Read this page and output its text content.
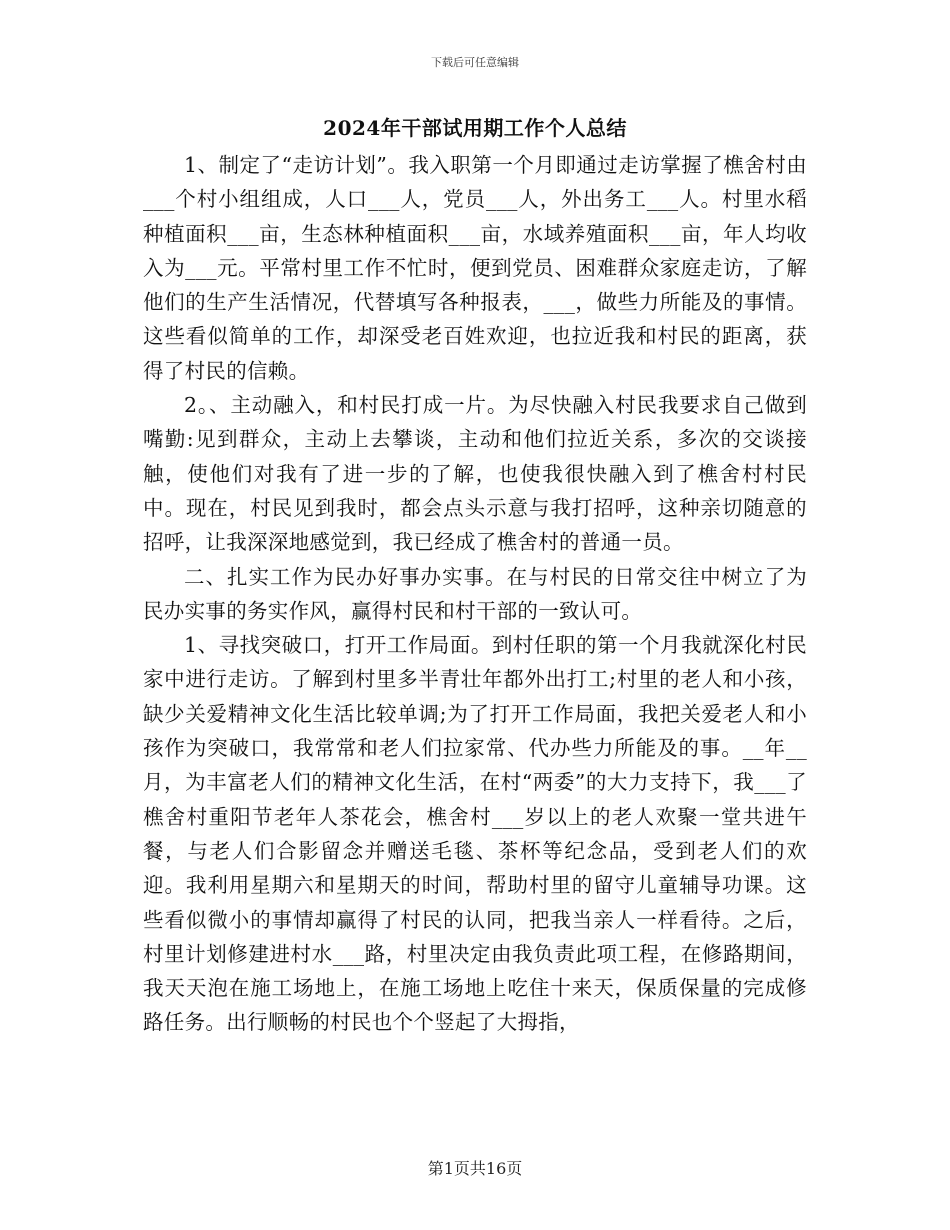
下载后可任意编辑
2024年干部试用期工作个人总结

1、制定了“走访计划”。我入职第一个月即通过走访掌握了樵舍村由___个村小组组成，人口___人，党员___人，外出务工___人。村里水稻种植面积___亩，生态林种植面积___亩，水域养殖面积___亩，年人均收入为___元。平常村里工作不忙时，便到党员、困难群众家庭走访，了解他们的生产生活情况，代替填写各种报表，___，做些力所能及的事情。这些看似简单的工作，却深受老百姓欢迎，也拉近我和村民的距离，获得了村民的信赖。

2。、主动融入，和村民打成一片。为尽快融入村民我要求自己做到嘴勤:见到群众，主动上去攀谈，主动和他们拉近关系，多次的交谈接触，使他们对我有了进一步的了解，也使我很快融入到了樵舍村村民中。现在，村民见到我时，都会点头示意与我打招呼，这种亲切随意的招呼，让我深深地感觉到，我已经成了樵舍村的普通一员。

二、扎实工作为民办好事办实事。在与村民的日常交往中树立了为民办实事的务实作风，赢得村民和村干部的一致认可。

1、寻找突破口，打开工作局面。到村任职的第一个月我就深化村民家中进行走访。了解到村里多半青壮年都外出打工;村里的老人和小孩，缺少关爱精神文化生活比较单调;为了打开工作局面，我把关爱老人和小孩作为突破口，我常常和老人们拉家常、代办些力所能及的事。__年__月，为丰富老人们的精神文化生活，在村“两委”的大力支持下，我___了樵舍村重阳节老年人茶花会，樵舍村___岁以上的老人欢聚一堂共进午餐，与老人们合影留念并赠送毛毯、茶杯等纪念品，受到老人们的欢迎。我利用星期六和星期天的时间，帮助村里的留守儿童辅导功课。这些看似微小的事情却赢得了村民的认同，把我当亲人一样看待。之后，村里计划修建进村水___路，村里决定由我负责此项工程，在修路期间，我天天泡在施工场地上，在施工场地上吃住十来天，保质保量的完成修路任务。出行顺畅的村民也个个竖起了大拇指，

第1页共16页
